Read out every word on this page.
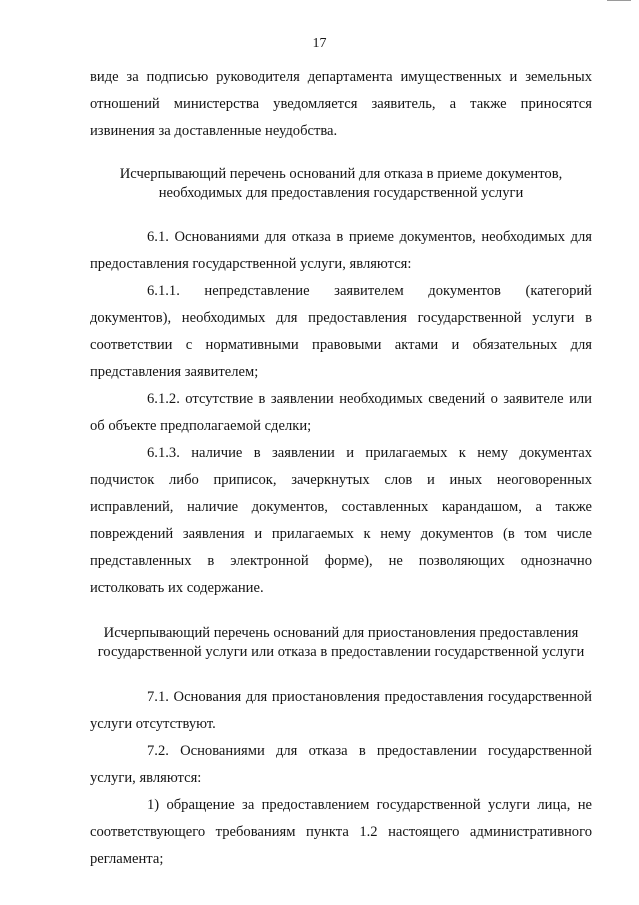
17

виде за подписью руководителя департамента имущественных и земельных отношений министерства уведомляется заявитель, а также приносятся извинения за доставленные неудобства.

Исчерпывающий перечень оснований для отказа в приеме документов, необходимых для предоставления государственной услуги

6.1. Основаниями для отказа в приеме документов, необходимых для предоставления государственной услуги, являются:

6.1.1. непредставление заявителем документов (категорий документов), необходимых для предоставления государственной услуги в соответствии с нормативными правовыми актами и обязательных для представления заявителем;

6.1.2. отсутствие в заявлении необходимых сведений о заявителе или об объекте предполагаемой сделки;

6.1.3. наличие в заявлении и прилагаемых к нему документах подчисток либо приписок, зачеркнутых слов и иных неоговоренных исправлений, наличие документов, составленных карандашом, а также повреждений заявления и прилагаемых к нему документов (в том числе представленных в электронной форме), не позволяющих однозначно истолковать их содержание.

Исчерпывающий перечень оснований для приостановления предоставления государственной услуги или отказа в предоставлении государственной услуги

7.1. Основания для приостановления предоставления государственной услуги отсутствуют.

7.2. Основаниями для отказа в предоставлении государственной услуги, являются:

1) обращение за предоставлением государственной услуги лица, не соответствующего требованиям пункта 1.2 настоящего административного регламента;
